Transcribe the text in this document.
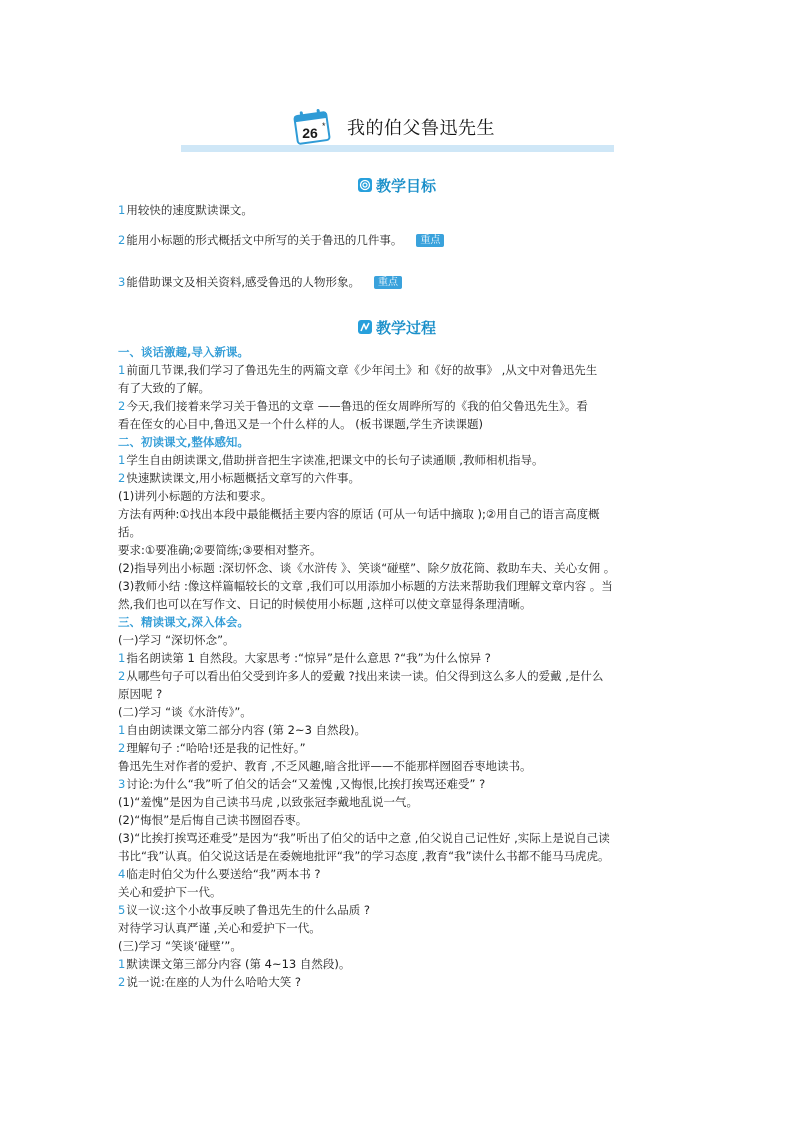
26 * 我的伯父鲁迅先生
教学目标
1用较快的速度默读课文。
2能用小标题的形式概括文中所写的关于鲁迅的几件事。 重点
3能借助课文及相关资料,感受鲁迅的人物形象。 重点
教学过程
一、谈话激趣,导入新课。
1前面几节课,我们学习了鲁迅先生的两篇文章《少年闰土》和《好的故事》 ,从文中对鲁迅先生
有了大致的了解。
2今天,我们接着来学习关于鲁迅的文章 ——鲁迅的侄女周晔所写的《我的伯父鲁迅先生》。看
看在侄女的心目中,鲁迅又是一个什么样的人。 (板书课题,学生齐读课题)
二、初读课文,整体感知。
1学生自由朗读课文,借助拼音把生字读准,把课文中的长句子读通顺 ,教师相机指导。
2快速默读课文,用小标题概括文章写的六件事。
(1)讲列小标题的方法和要求。
方法有两种:①找出本段中最能概括主要内容的原话 (可从一句话中摘取 );②用自己的语言高度概
括。
要求:①要准确;②要简练;③要相对整齐。
(2)指导列出小标题 :深切怀念、谈《水浒传 》、笑谈“碰壁”、除夕放花筒、救助车夫、关心女佣 。
(3)教师小结 :像这样篇幅较长的文章 ,我们可以用添加小标题的方法来帮助我们理解文章内容 。当
然,我们也可以在写作文、日记的时候使用小标题 ,这样可以使文章显得条理清晰。
三、精读课文,深入体会。
(一)学习 “深切怀念”。
1指名朗读第 1 自然段。大家思考 :“惊异”是什么意思 ?“我”为什么惊异 ?
2从哪些句子可以看出伯父受到许多人的爱戴 ?找出来读一读。伯父得到这么多人的爱戴 ,是什么
原因呢 ?
(二)学习 “谈《水浒传》”。
1自由朗读课文第二部分内容 (第 2~3 自然段)。
2理解句子 :“哈哈!还是我的记性好。”
鲁迅先生对作者的爱护、教育 ,不乏风趣,暗含批评——不能那样囫囵吞枣地读书。
3讨论:为什么“我”听了伯父的话会“又羞愧 ,又悔恨,比挨打挨骂还难受” ?
(1)“羞愧”是因为自己读书马虎 ,以致张冠李戴地乱说一气。
(2)“悔恨”是后悔自己读书囫囵吞枣。
(3)“比挨打挨骂还难受”是因为“我”听出了伯父的话中之意 ,伯父说自己记性好 ,实际上是说自己读
书比“我”认真。伯父说这话是在委婉地批评“我”的学习态度 ,教育“我”读什么书都不能马马虎虎。
4临走时伯父为什么要送给“我”两本书 ?
关心和爱护下一代。
5议一议:这个小故事反映了鲁迅先生的什么品质 ?
对待学习认真严谨 ,关心和爱护下一代。
(三)学习 “笑谈‘碰壁’”。
1默读课文第三部分内容 (第 4~13 自然段)。
2说一说:在座的人为什么哈哈大笑 ?
